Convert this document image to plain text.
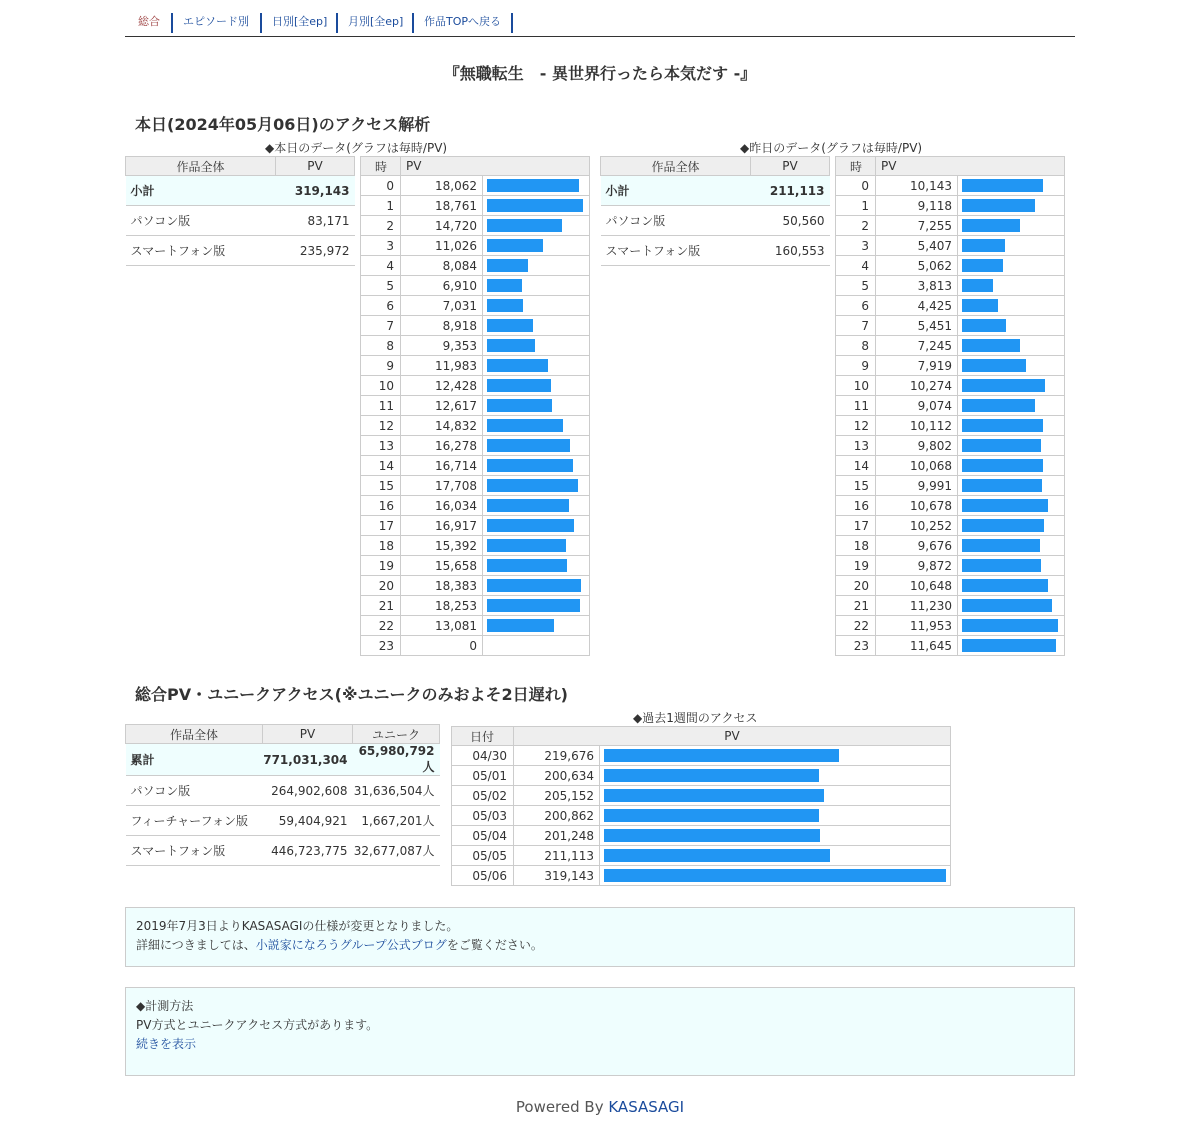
総合	エピソード別	日別[全ep]	月別[全ep]	作品TOPへ戻る
『無職転生　- 異世界行ったら本気だす -』
本日(2024年05月06日)のアクセス解析
◆本日のデータ(グラフは毎時/PV)	◆昨日のデータ(グラフは毎時/PV)
作品全体	PV
小計	319,143
パソコン版	83,171
スマートフォン版	235,972
時	PV	
0	18,062	

1	18,761	

2	14,720	

3	11,026	

4	8,084	

5	6,910	

6	7,031	

7	8,918	

8	9,353	

9	11,983	

10	12,428	

11	12,617	

12	14,832	

13	16,278	

14	16,714	

15	17,708	

16	16,034	

17	16,917	

18	15,392	

19	15,658	

20	18,383	

21	18,253	

22	13,081	

23	0	
作品全体	PV
小計	211,113
パソコン版	50,560
スマートフォン版	160,553
時	PV	
0	10,143	

1	9,118	

2	7,255	

3	5,407	

4	5,062	

5	3,813	

6	4,425	

7	5,451	

8	7,245	

9	7,919	

10	10,274	

11	9,074	

12	10,112	

13	9,802	

14	10,068	

15	9,991	

16	10,678	

17	10,252	

18	9,676	

19	9,872	

20	10,648	

21	11,230	

22	11,953	

23	11,645	
総合PV・ユニークアクセス(※ユニークのみおよそ2日遅れ)
作品全体	PV	ユニーク
累計	771,031,304	65,980,792人
パソコン版	264,902,608	31,636,504人
フィーチャーフォン版	59,404,921	1,667,201人
スマートフォン版	446,723,775	32,677,087人
◆過去1週間のアクセス
日付	PV	
04/30	219,676	

05/01	200,634	

05/02	205,152	

05/03	200,862	

05/04	201,248	

05/05	211,113	

05/06	319,143	
2019年7月3日よりKASASAGIの仕様が変更となりました。
詳細につきましては、小説家になろうグループ公式ブログをご覧ください。
◆計測方法
PV方式とユニークアクセス方式があります。
続きを表示
Powered By KASASAGI
